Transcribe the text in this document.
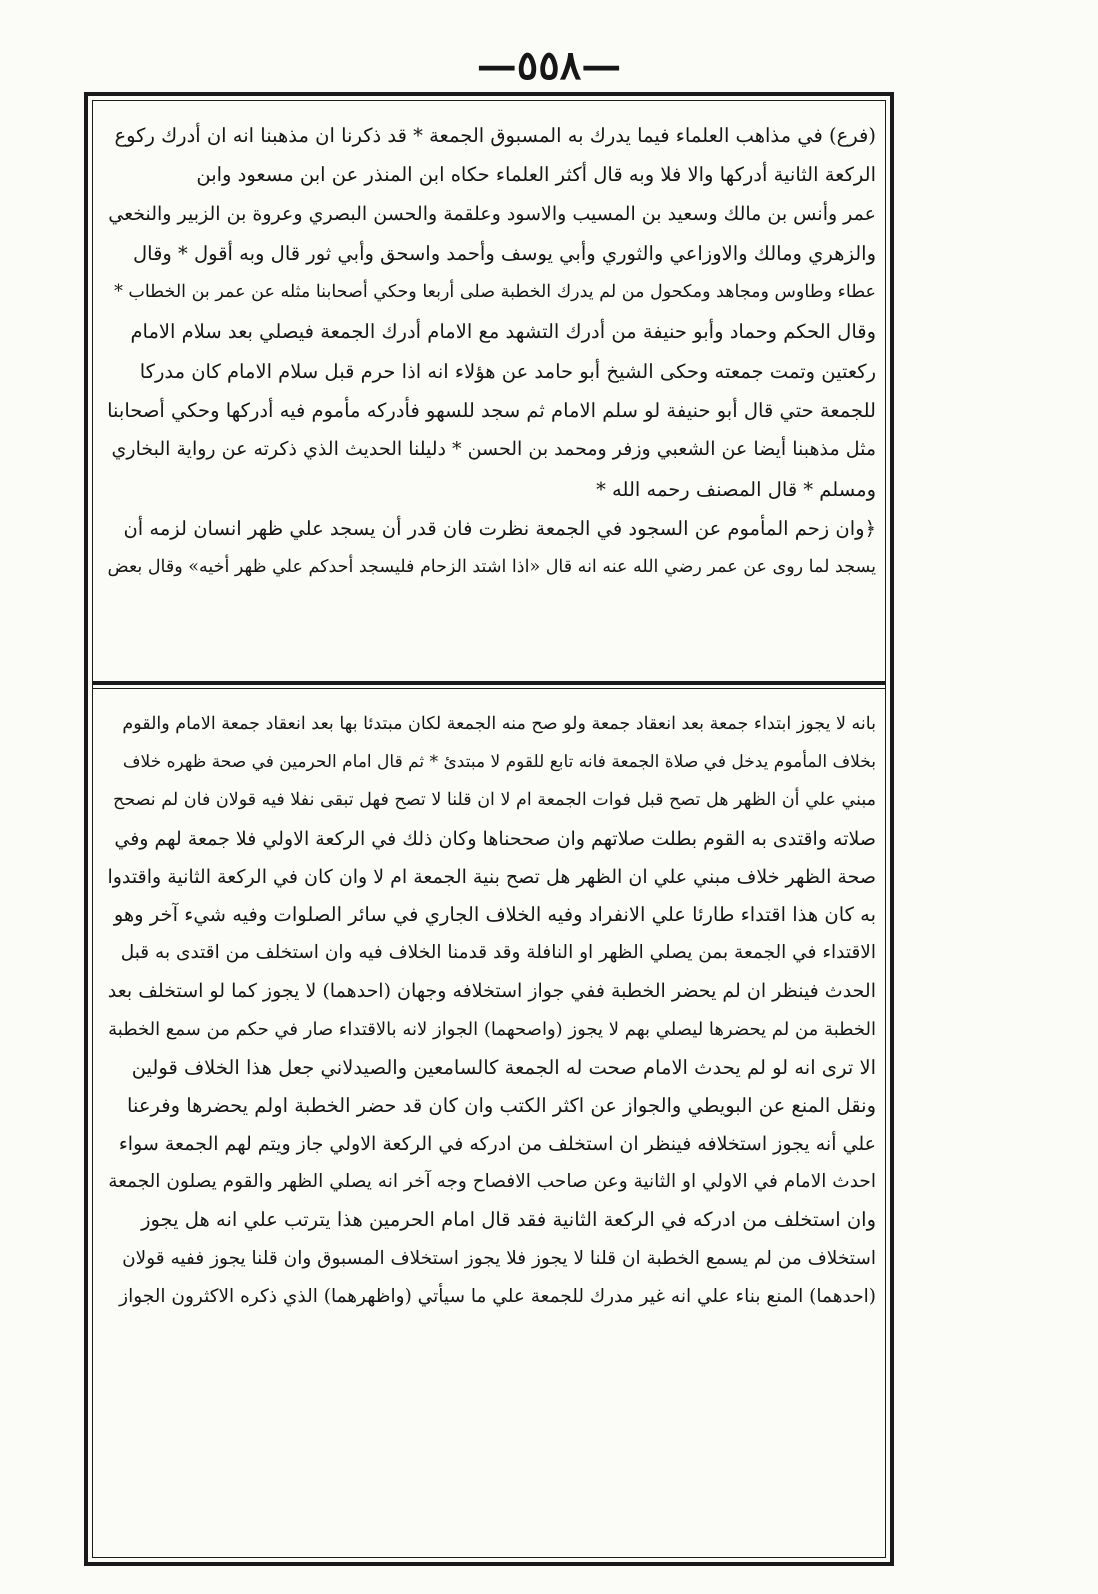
—٥٥٨—
(فرع) في مذاهب العلماء فيما يدرك به المسبوق الجمعة * قد ذكرنا ان مذهبنا انه ان أدرك ركوع
الركعة الثانية أدركها والا فلا وبه قال أكثر العلماء حكاه ابن المنذر عن ابن مسعود وابن
عمر وأنس بن مالك وسعيد بن المسيب والاسود وعلقمة والحسن البصري وعروة بن الزبير والنخعي
والزهري ومالك والاوزاعي والثوري وأبي يوسف وأحمد واسحق وأبي ثور قال وبه أقول * وقال
عطاء وطاوس ومجاهد ومكحول من لم يدرك الخطبة صلى أربعا وحكي أصحابنا مثله عن عمر بن الخطاب *
وقال الحكم وحماد وأبو حنيفة من أدرك التشهد مع الامام أدرك الجمعة فيصلي بعد سلام الامام
ركعتين وتمت جمعته وحكى الشيخ أبو حامد عن هؤلاء انه اذا حرم قبل سلام الامام كان مدركا
للجمعة حتي قال أبو حنيفة لو سلم الامام ثم سجد للسهو فأدركه مأموم فيه أدركها وحكي أصحابنا
مثل مذهبنا أيضا عن الشعبي وزفر ومحمد بن الحسن * دليلنا الحديث الذي ذكرته عن رواية البخاري
ومسلم * قال المصنف رحمه الله *
﴿وان زحم المأموم عن السجود في الجمعة نظرت فان قدر أن يسجد علي ظهر انسان لزمه أن
يسجد لما روى عن عمر رضي الله عنه انه قال «اذا اشتد الزحام فليسجد أحدكم علي ظهر أخيه» وقال بعض
بانه لا يجوز ابتداء جمعة بعد انعقاد جمعة ولو صح منه الجمعة لكان مبتدئا بها بعد انعقاد جمعة الامام والقوم
بخلاف المأموم يدخل في صلاة الجمعة فانه تابع للقوم لا مبتدئ * ثم قال امام الحرمين في صحة ظهره خلاف
مبني علي أن الظهر هل تصح قبل فوات الجمعة ام لا ان قلنا لا تصح فهل تبقى نفلا فيه قولان فان لم نصحح
صلاته واقتدى به القوم بطلت صلاتهم وان صححناها وكان ذلك في الركعة الاولي فلا جمعة لهم وفي
صحة الظهر خلاف مبني علي ان الظهر هل تصح بنية الجمعة ام لا وان كان في الركعة الثانية واقتدوا
به كان هذا اقتداء طارئا علي الانفراد وفيه الخلاف الجاري في سائر الصلوات وفيه شيء آخر وهو
الاقتداء في الجمعة بمن يصلي الظهر او النافلة وقد قدمنا الخلاف فيه وان استخلف من اقتدى به قبل
الحدث فينظر ان لم يحضر الخطبة ففي جواز استخلافه وجهان (احدهما) لا يجوز كما لو استخلف بعد
الخطبة من لم يحضرها ليصلي بهم لا يجوز (واصحهما) الجواز لانه بالاقتداء صار في حكم من سمع الخطبة
الا ترى انه لو لم يحدث الامام صحت له الجمعة كالسامعين والصيدلاني جعل هذا الخلاف قولين
ونقل المنع عن البويطي والجواز عن اكثر الكتب وان كان قد حضر الخطبة اولم يحضرها وفرعنا
علي أنه يجوز استخلافه فينظر ان استخلف من ادركه في الركعة الاولي جاز ويتم لهم الجمعة سواء
احدث الامام في الاولي او الثانية وعن صاحب الافصاح وجه آخر انه يصلي الظهر والقوم يصلون الجمعة
وان استخلف من ادركه في الركعة الثانية فقد قال امام الحرمين هذا يترتب علي انه هل يجوز
استخلاف من لم يسمع الخطبة ان قلنا لا يجوز فلا يجوز استخلاف المسبوق وان قلنا يجوز ففيه قولان
(احدهما) المنع بناء علي انه غير مدرك للجمعة علي ما سيأتي (واظهرهما) الذي ذكره الاكثرون الجواز
